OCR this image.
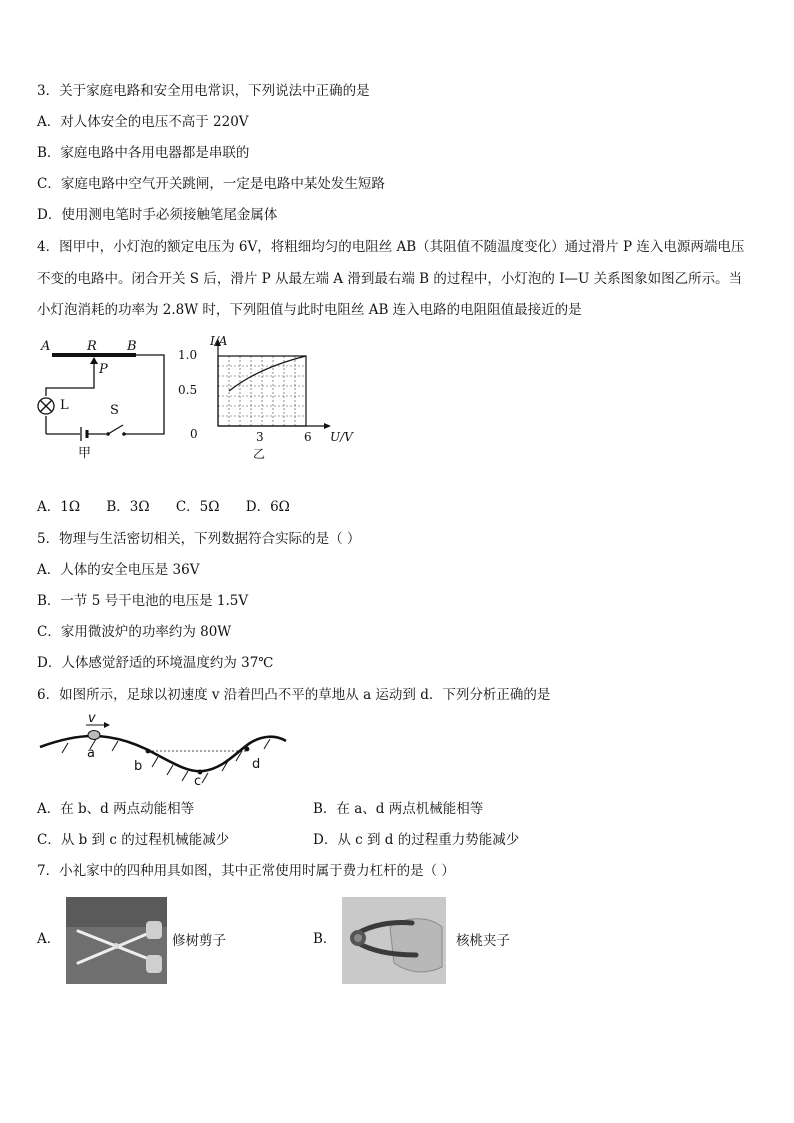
3．关于家庭电路和安全用电常识，下列说法中正确的是
A．对人体安全的电压不高于 220V
B．家庭电路中各用电器都是串联的
C．家庭电路中空气开关跳闸，一定是电路中某处发生短路
D．使用测电笔时手必须接触笔尾金属体
4．图甲中，小灯泡的额定电压为 6V，将粗细均匀的电阻丝 AB（其阻值不随温度变化）通过滑片 P 连入电源两端电压
不变的电路中。闭合开关 S 后，滑片 P 从最左端 A 滑到最右端 B 的过程中，小灯泡的 I—U 关系图象如图乙所示。当
小灯泡消耗的功率为 2.8W 时，下列阻值与此时电阻丝 AB 连入电路的电阻阻值最接近的是
A	R B
P
L	S
甲
I/A
1.0
0.5
0	3	6 U/V
乙
A．1Ω B．3Ω C．5Ω D．6Ω
5．物理与生活密切相关，下列数据符合实际的是（ ）
A．人体的安全电压是 36V
B．一节 5 号干电池的电压是 1.5V
C．家用微波炉的功率约为 80W
D．人体感觉舒适的环境温度约为 37℃
6．如图所示，足球以初速度 v 沿着凹凸不平的草地从 a 运动到 d．下列分析正确的是
v
a
b
c
d
A．在 b、d 两点动能相等	B．在 a、d 两点机械能相等
C．从 b 到 c 的过程机械能减少	D．从 c 到 d 的过程重力势能减少
7．小礼家中的四种用具如图，其中正常使用时属于费力杠杆的是（ ）
A．	修树剪子	B．	核桃夹子
